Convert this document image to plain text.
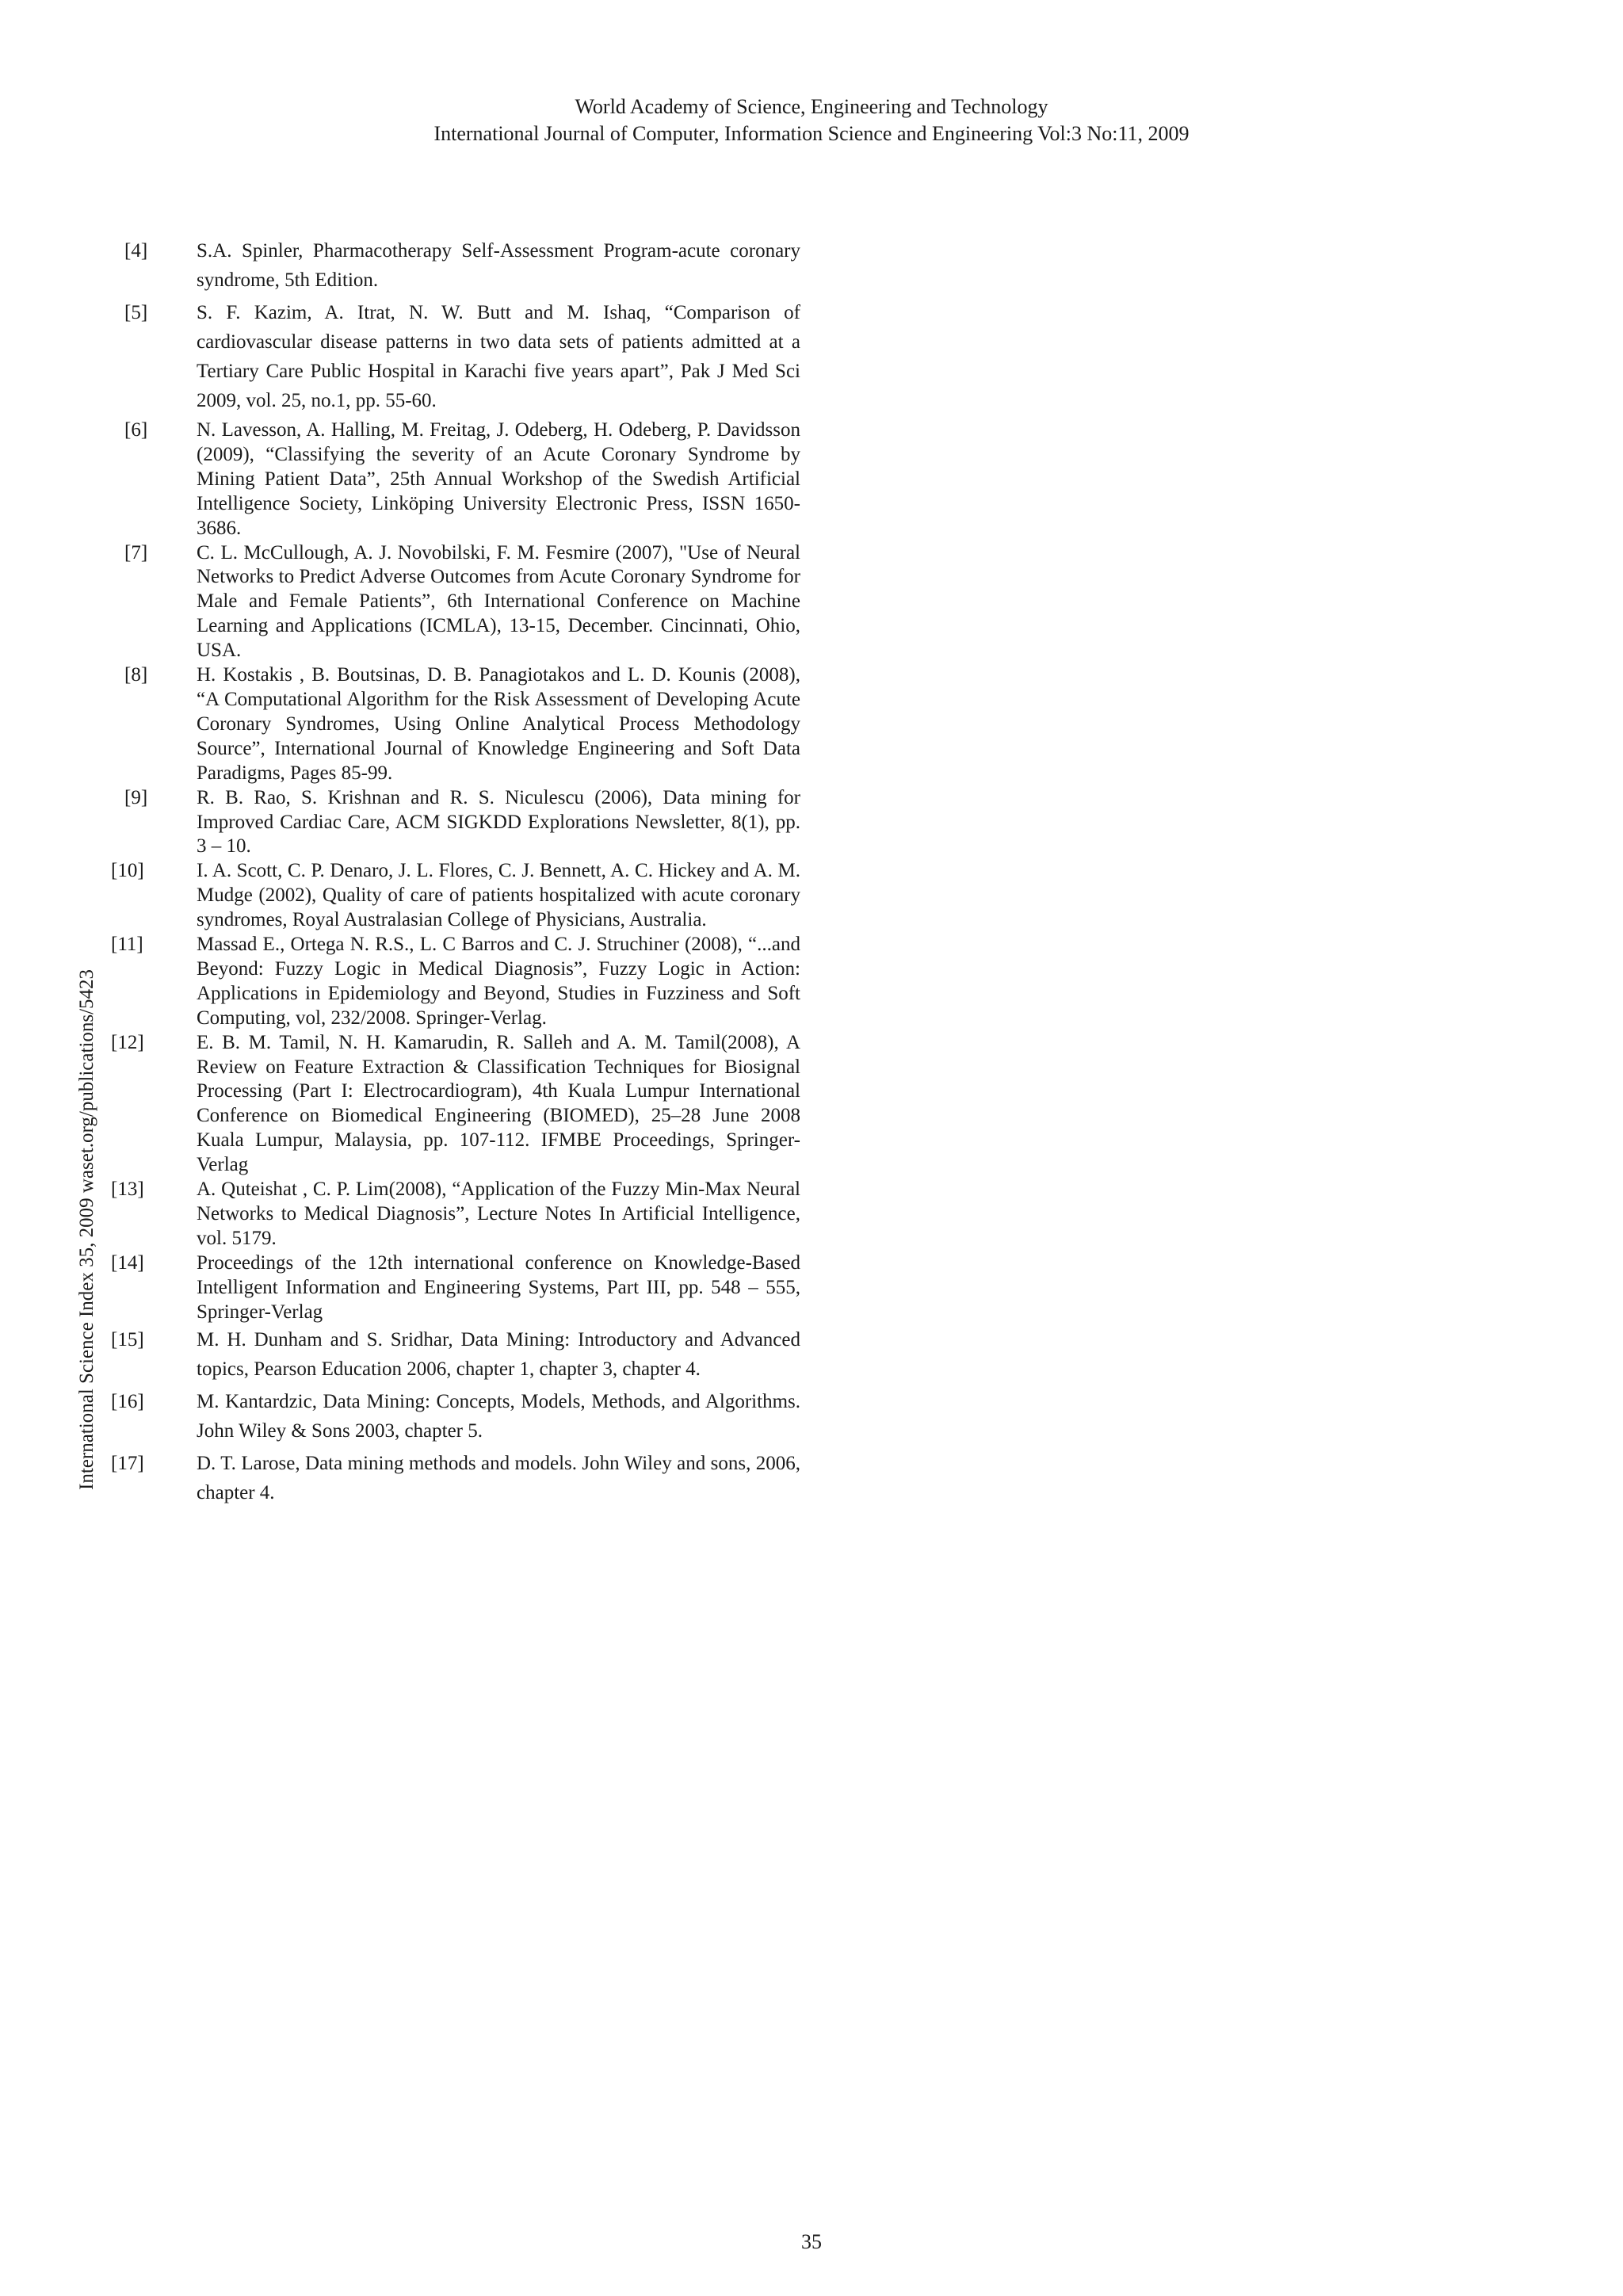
World Academy of Science, Engineering and Technology
International Journal of Computer, Information Science and Engineering Vol:3 No:11, 2009
International Science Index 35, 2009 waset.org/publications/5423
[4]	S.A. Spinler, Pharmacotherapy Self-Assessment Program-acute coronary syndrome, 5th Edition.
[5]	S. F. Kazim, A. Itrat, N. W. Butt and M. Ishaq, “Comparison of cardiovascular disease patterns in two data sets of patients admitted at a Tertiary Care Public Hospital in Karachi five years apart”, Pak J Med Sci 2009, vol. 25, no.1, pp. 55-60.
[6]	N. Lavesson, A. Halling, M. Freitag, J. Odeberg, H. Odeberg, P. Davidsson (2009), “Classifying the severity of an Acute Coronary Syndrome by Mining Patient Data”, 25th Annual Workshop of the Swedish Artificial Intelligence Society, Linköping University Electronic Press, ISSN 1650-3686.
[7]	C. L. McCullough, A. J. Novobilski, F. M. Fesmire (2007), "Use of Neural Networks to Predict Adverse Outcomes from Acute Coronary Syndrome for Male and Female Patients”, 6th International Conference on Machine Learning and Applications (ICMLA), 13-15, December. Cincinnati, Ohio, USA.
[8]	H. Kostakis , B. Boutsinas, D. B. Panagiotakos and L. D. Kounis (2008), “A Computational Algorithm for the Risk Assessment of Developing Acute Coronary Syndromes, Using Online Analytical Process Methodology Source”, International Journal of Knowledge Engineering and Soft Data Paradigms, Pages 85-99.
[9]	R. B. Rao, S. Krishnan and R. S. Niculescu (2006), Data mining for Improved Cardiac Care, ACM SIGKDD Explorations Newsletter, 8(1), pp. 3 – 10.
[10]	I. A. Scott, C. P. Denaro, J. L. Flores, C. J. Bennett, A. C. Hickey and A. M. Mudge (2002), Quality of care of patients hospitalized with acute coronary syndromes, Royal Australasian College of Physicians, Australia.
[11]	Massad E., Ortega N. R.S., L. C Barros and C. J. Struchiner (2008), “...and Beyond: Fuzzy Logic in Medical Diagnosis”, Fuzzy Logic in Action: Applications in Epidemiology and Beyond, Studies in Fuzziness and Soft Computing, vol, 232/2008. Springer-Verlag.
[12]	E. B. M. Tamil, N. H. Kamarudin, R. Salleh and A. M. Tamil(2008), A Review on Feature Extraction & Classification Techniques for Biosignal Processing (Part I: Electrocardiogram), 4th Kuala Lumpur International Conference on Biomedical Engineering (BIOMED), 25–28 June 2008 Kuala Lumpur, Malaysia, pp. 107-112. IFMBE Proceedings, Springer-Verlag
[13]	A. Quteishat , C. P. Lim(2008), “Application of the Fuzzy Min-Max Neural Networks to Medical Diagnosis”, Lecture Notes In Artificial Intelligence, vol. 5179.
[14]	Proceedings of the 12th international conference on Knowledge-Based Intelligent Information and Engineering Systems, Part III, pp. 548 – 555, Springer-Verlag
[15]	M. H. Dunham and S. Sridhar, Data Mining: Introductory and Advanced topics, Pearson Education 2006, chapter 1, chapter 3, chapter 4.
[16]	M. Kantardzic, Data Mining: Concepts, Models, Methods, and Algorithms. John Wiley & Sons 2003, chapter 5.
[17]	D. T. Larose, Data mining methods and models. John Wiley and sons, 2006, chapter 4.
35
